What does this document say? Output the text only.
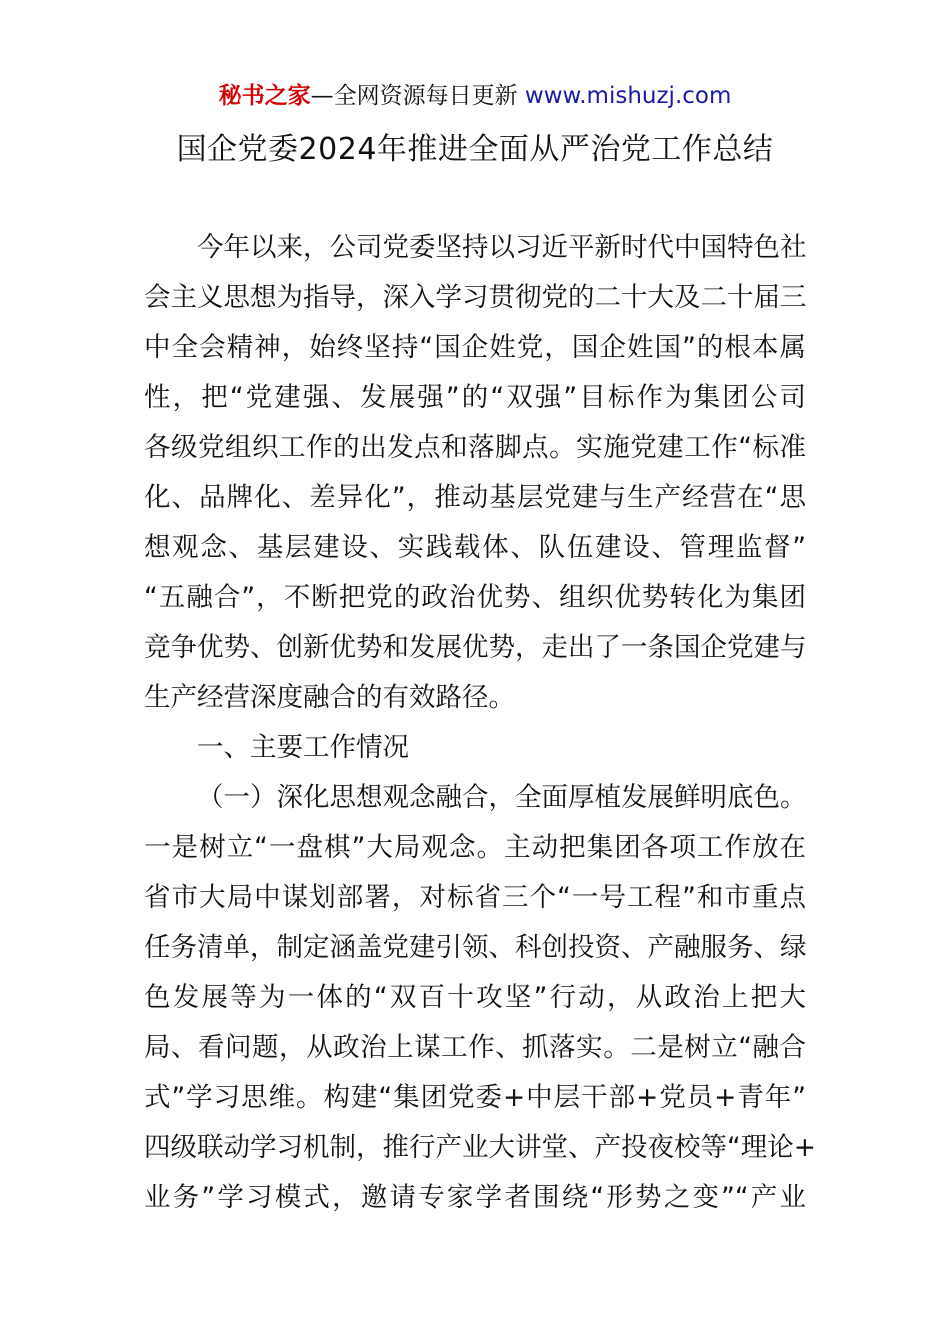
秘书之家—全网资源每日更新 www.mishuzj.com
国企党委2024年推进全面从严治党工作总结
今年以来，公司党委坚持以习近平新时代中国特色社
会主义思想为指导，深入学习贯彻党的二十大及二十届三
中全会精神，始终坚持“国企姓党，国企姓国”的根本属
性，把“党建强、发展强”的“双强”目标作为集团公司
各级党组织工作的出发点和落脚点。实施党建工作“标准
化、品牌化、差异化”，推动基层党建与生产经营在“思
想观念、基层建设、实践载体、队伍建设、管理监督”
“五融合”，不断把党的政治优势、组织优势转化为集团
竞争优势、创新优势和发展优势，走出了一条国企党建与
生产经营深度融合的有效路径。
一、主要工作情况
（一）深化思想观念融合，全面厚植发展鲜明底色。
一是树立“一盘棋”大局观念。主动把集团各项工作放在
省市大局中谋划部署，对标省三个“一号工程”和市重点
任务清单，制定涵盖党建引领、科创投资、产融服务、绿
色发展等为一体的“双百十攻坚”行动，从政治上把大
局、看问题，从政治上谋工作、抓落实。二是树立“融合
式”学习思维。构建“集团党委+中层干部+党员+青年”
四级联动学习机制，推行产业大讲堂、产投夜校等“理论+
业务”学习模式，邀请专家学者围绕“形势之变”“产业
